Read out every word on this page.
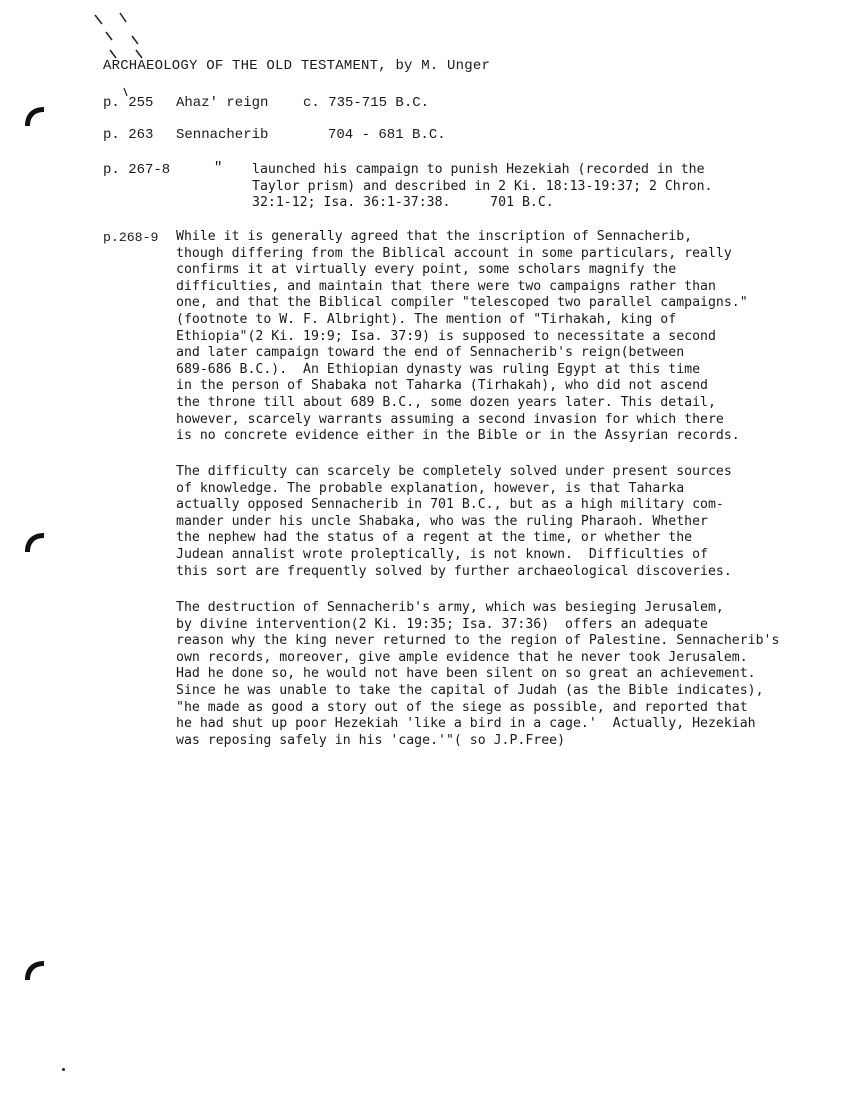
ARCHAEOLOGY OF THE OLD TESTAMENT, by M. Unger
p. 255 Ahaz' reign c. 735-715 B.C.
p. 263 Sennacherib	704 - 681 B.C.
p. 267-8	" launched his campaign to punish Hezekiah (recorded in the
Taylor prism) and described in 2 Ki. 18:13-19:37; 2 Chron.
32:1-12; Isa. 36:1-37:38.     701 B.C.
p.268-9 While it is generally agreed that the inscription of Sennacherib,
though differing from the Biblical account in some particulars, really
confirms it at virtually every point, some scholars magnify the
difficulties, and maintain that there were two campaigns rather than
one, and that the Biblical compiler "telescoped two parallel campaigns."
(footnote to W. F. Albright). The mention of "Tirhakah, king of
Ethiopia"(2 Ki. 19:9; Isa. 37:9) is supposed to necessitate a second
and later campaign toward the end of Sennacherib's reign(between
689-686 B.C.).  An Ethiopian dynasty was ruling Egypt at this time
in the person of Shabaka not Taharka (Tirhakah), who did not ascend
the throne till about 689 B.C., some dozen years later. This detail,
however, scarcely warrants assuming a second invasion for which there
is no concrete evidence either in the Bible or in the Assyrian records.
The difficulty can scarcely be completely solved under present sources
of knowledge. The probable explanation, however, is that Taharka
actually opposed Sennacherib in 701 B.C., but as a high military com-
mander under his uncle Shabaka, who was the ruling Pharaoh. Whether
the nephew had the status of a regent at the time, or whether the
Judean annalist wrote proleptically, is not known.  Difficulties of
this sort are frequently solved by further archaeological discoveries.
The destruction of Sennacherib's army, which was besieging Jerusalem,
by divine intervention(2 Ki. 19:35; Isa. 37:36)  offers an adequate
reason why the king never returned to the region of Palestine. Sennacherib's
own records, moreover, give ample evidence that he never took Jerusalem.
Had he done so, he would not have been silent on so great an achievement.
Since he was unable to take the capital of Judah (as the Bible indicates),
"he made as good a story out of the siege as possible, and reported that
he had shut up poor Hezekiah 'like a bird in a cage.'  Actually, Hezekiah
was reposing safely in his 'cage.'"( so J.P.Free)
